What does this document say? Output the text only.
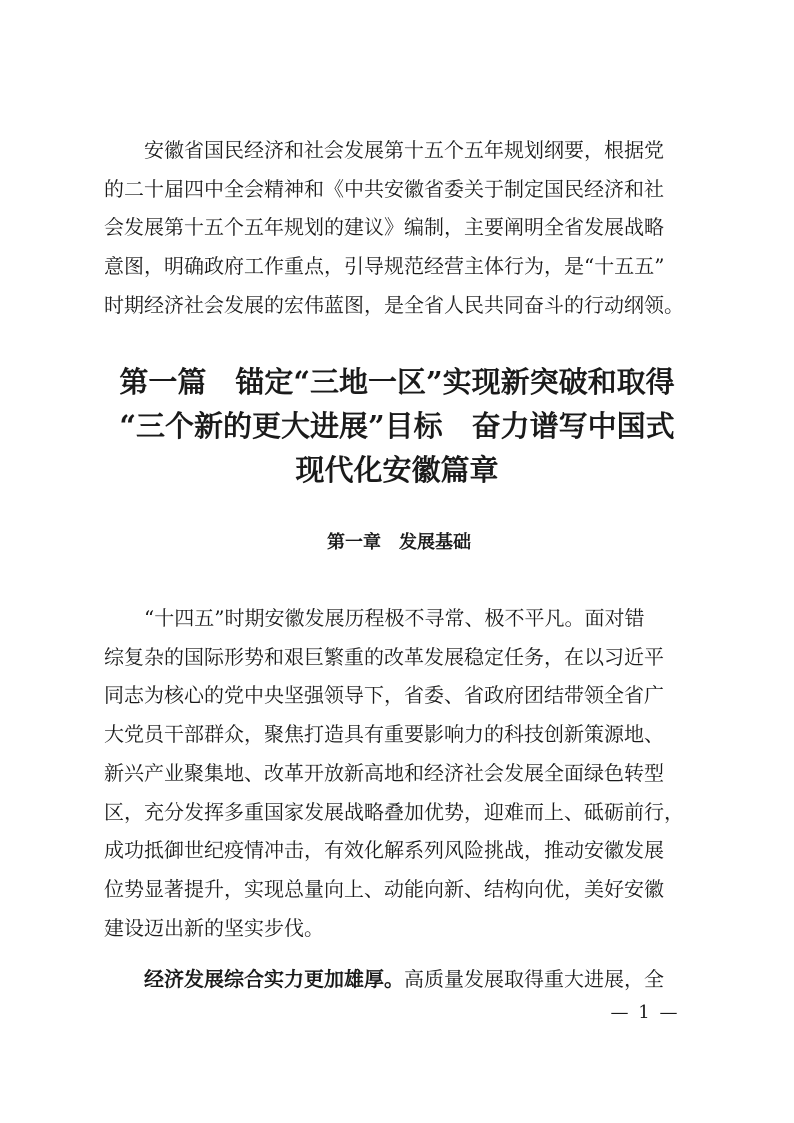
安徽省国民经济和社会发展第十五个五年规划纲要，根据党
的二十届四中全会精神和《中共安徽省委关于制定国民经济和社
会发展第十五个五年规划的建议》编制，主要阐明全省发展战略
意图，明确政府工作重点，引导规范经营主体行为，是“十五五”
时期经济社会发展的宏伟蓝图，是全省人民共同奋斗的行动纲领。
第一篇　锚定“三地一区”实现新突破和取得
“三个新的更大进展”目标　奋力谱写中国式
现代化安徽篇章
第一章　发展基础
“十四五”时期安徽发展历程极不寻常、极不平凡。面对错
综复杂的国际形势和艰巨繁重的改革发展稳定任务，在以习近平
同志为核心的党中央坚强领导下，省委、省政府团结带领全省广
大党员干部群众，聚焦打造具有重要影响力的科技创新策源地、
新兴产业聚集地、改革开放新高地和经济社会发展全面绿色转型
区，充分发挥多重国家发展战略叠加优势，迎难而上、砥砺前行，
成功抵御世纪疫情冲击，有效化解系列风险挑战，推动安徽发展
位势显著提升，实现总量向上、动能向新、结构向优，美好安徽
建设迈出新的坚实步伐。

经济发展综合实力更加雄厚。高质量发展取得重大进展，全

— 1 —
